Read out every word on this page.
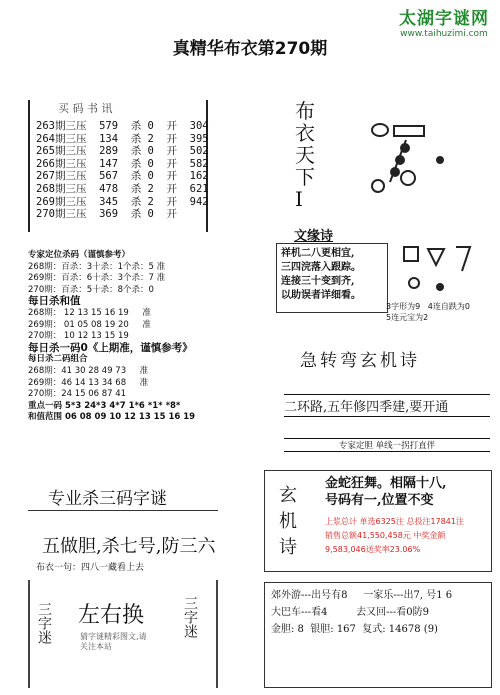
太湖字谜网
www.taihuzimi.com
真精华布衣第270期
买 码 书 讯
263期三压  579  杀 0  开  304
264期三压  134  杀 2  开  395
265期三压  289  杀 0  开  502
266期三压  147  杀 0  开  582
267期三压  567  杀 0  开  162
268期三压  478  杀 2  开  621
269期三压  345  杀 2  开  942
270期三压  369  杀 0  开
专家定位杀码（谨慎参考）
268期：百杀：3十杀：1个杀：5 准
269期：百杀：6十杀：3个杀：7 准
270期：百杀：5十杀：8个杀：0
每日杀和值
268期： 12 13 15 16 19     准
269期： 01 05 08 19 20     准
270期： 10 12 13 15 19
每日杀一码0《上期准，谨慎参考》
每日杀二码组合
268期：41 30 28 49 73     准
269期：46 14 13 34 68     准
270期：24 15 06 87 41
重点一码 5*3 24*3 4*7 1*6 *1* *8*
和值范围 06 08 09 10 12 13 15 16 19
专业杀三码字谜
五做胆,杀七号,防三六
布衣一句：四八一藏看上去
三字迷 左右换
猜字谜精彩图文,请
关注本站
三字迷
布
衣
天
下
I
文缘诗
祥机二八更相宜,
三四浣落入跟踪。
连接三十变到齐,
以助误者详细看。
3字形为9   4连自跌为0
5连元宝为2
急转弯玄机诗
二环路,五年修四季建,要开通
专家定胆 单线一拐打直伴
玄
机
诗
金蛇狂舞。相隔十八,
号码有一,位置不变
上浆总计 单选6325注 总投注17841注
销售总额41,550,458元 中奖金额
9,583,046送奖率23.06%
郊外游---出号有8     一家乐---出7, 号1 6
大巴车---看4         去又回---看0防9
金胆: 8  银胆: 167  复式: 14678 (9)
